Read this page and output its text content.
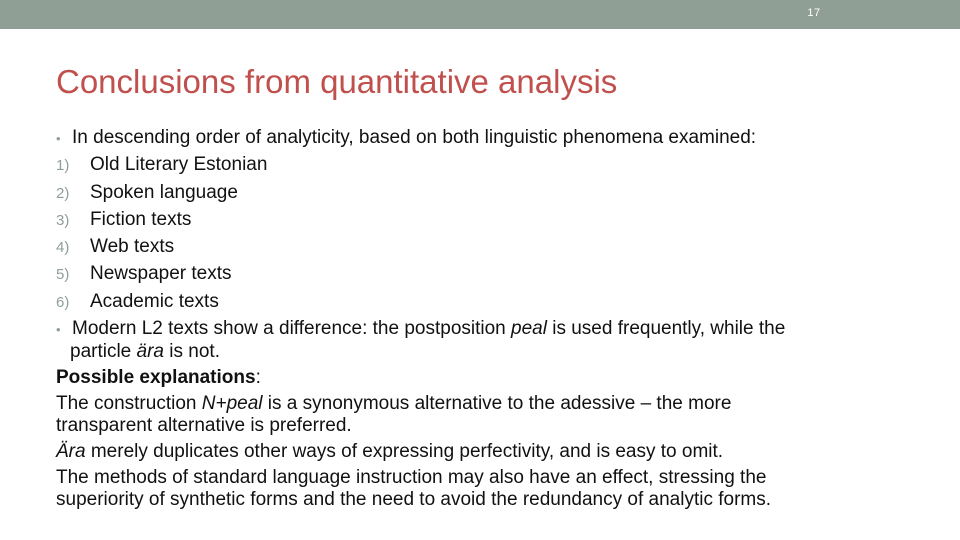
17
Conclusions from quantitative analysis
• In descending order of analyticity, based on both linguistic phenomena examined:
1) Old Literary Estonian
2) Spoken language
3) Fiction texts
4) Web texts
5) Newspaper texts
6) Academic texts
• Modern L2 texts show a difference: the postposition peal is used frequently, while the
particle ära is not.
Possible explanations:
The construction N+peal is a synonymous alternative to the adessive – the more
transparent alternative is preferred.
Ära merely duplicates other ways of expressing perfectivity, and is easy to omit.
The methods of standard language instruction may also have an effect, stressing the
superiority of synthetic forms and the need to avoid the redundancy of analytic forms.
